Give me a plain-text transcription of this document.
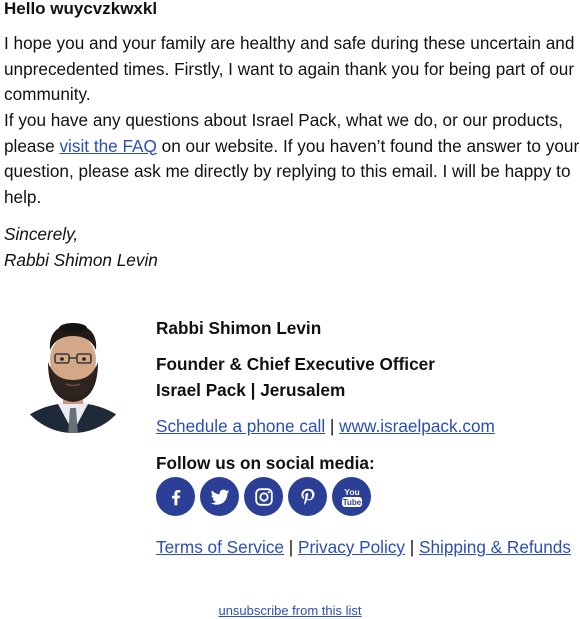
Hello wuycvzkwxkl

I hope you and your family are healthy and safe during these uncertain and unprecedented times. Firstly, I want to again thank you for being part of our community.

If you have any questions about Israel Pack, what we do, or our products, please visit the FAQ on our website. If you haven’t found the answer to your question, please ask me directly by replying to this email. I will be happy to help.

Sincerely,
Rabbi Shimon Levin

Rabbi Shimon Levin
Founder & Chief Executive Officer
Israel Pack | Jerusalem
Schedule a phone call | www.israelpack.com
Follow us on social media:
You
Tube
Terms of Service | Privacy Policy | Shipping & Refunds
unsubscribe from this list
